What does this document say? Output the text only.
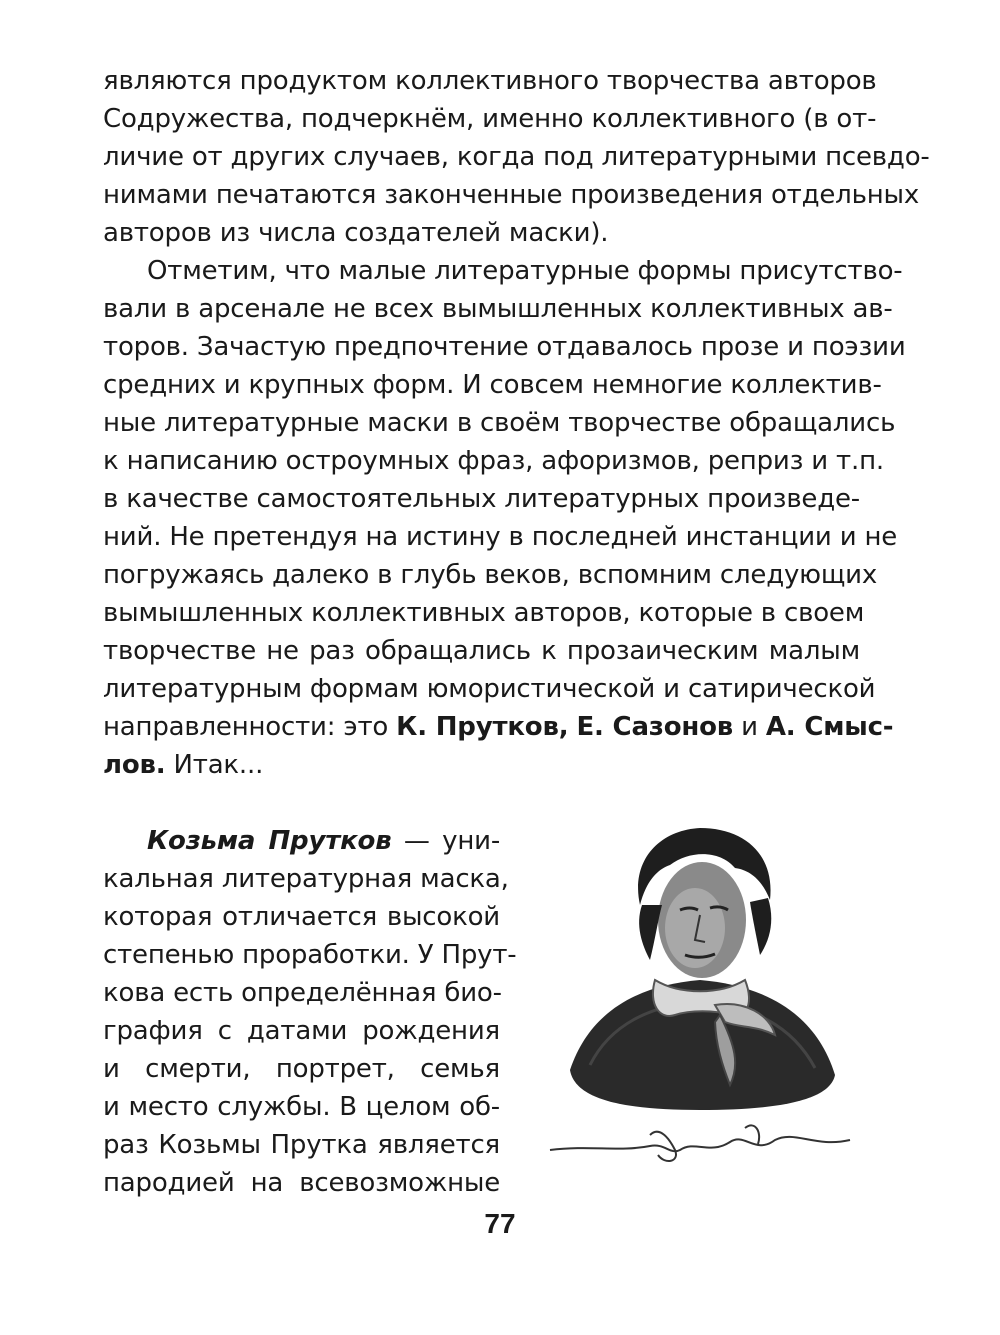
являются продуктом коллективного творчества авторов
Содружества, подчеркнём, именно коллективного (в от-
личие от других случаев, когда под литературными псевдо-
нимами печатаются законченные произведения отдельных
авторов из числа создателей маски).
Отметим, что малые литературные формы присутство-
вали в арсенале не всех вымышленных коллективных ав-
торов. Зачастую предпочтение отдавалось прозе и поэзии
средних и крупных форм. И совсем немногие коллектив-
ные литературные маски в своём творчестве обращались
к написанию остроумных фраз, афоризмов, реприз и т.п.
в качестве самостоятельных литературных произведе-
ний. Не претендуя на истину в последней инстанции и не
погружаясь далеко в глубь веков, вспомним следующих
вымышленных коллективных авторов, которые в своем
творчестве не раз обращались к прозаическим малым
литературным формам юмористической и сатирической
направленности: это К. Прутков, Е. Сазонов и А. Смыс-
лов. Итак...
Козьма Прутков — уни-
кальная литературная маска,
которая отличается высокой
степенью проработки. У Прут-
кова есть определённая био-
графия с датами рождения
и смерти, портрет, семья
и место службы. В целом об-
раз Козьмы Прутка является
пародией на всевозможные
77
